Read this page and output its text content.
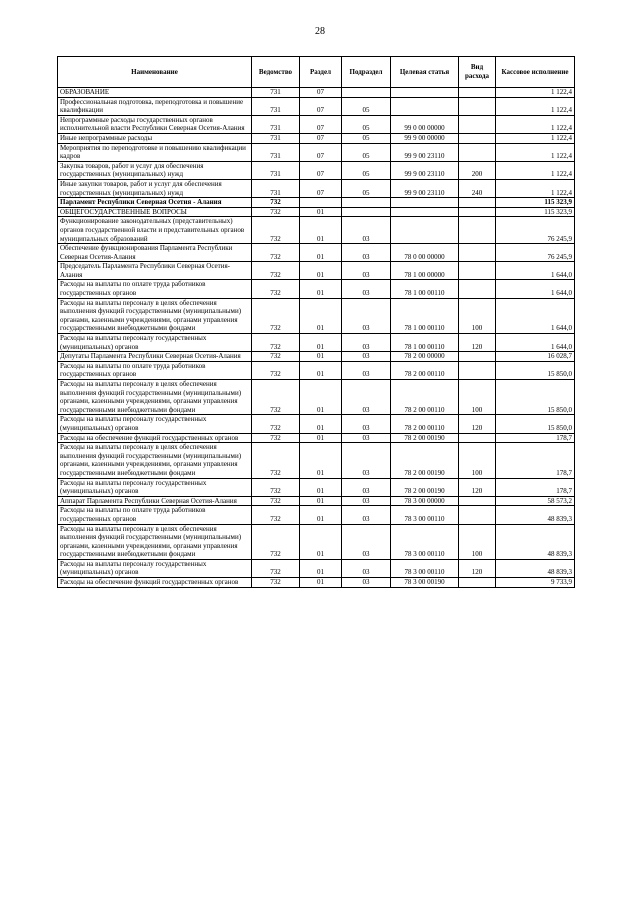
28
Наименование	Ведомство	Раздел	Подраздел	Целевая статья	Вид расхода	Кассовое исполнение
ОБРАЗОВАНИЕ	731	07				1 122,4
Профессиональная подготовка, переподготовка и повышение квалификации	731	07	05			1 122,4
Непрограммные расходы государственных органов исполнительной власти Республики Северная Осетия-Алания	731	07	05	99 0 00 00000		1 122,4
Иные непрограммные расходы	731	07	05	99 9 00 00000		1 122,4
Мероприятия по переподготовке и повышению квалификации кадров	731	07	05	99 9 00 23110		1 122,4
Закупка товаров, работ и услуг для обеспечения государственных (муниципальных) нужд	731	07	05	99 9 00 23110	200	1 122,4
Иные закупки товаров, работ и услуг для обеспечения государственных (муниципальных) нужд	731	07	05	99 9 00 23110	240	1 122,4
Парламент Республики Северная Осетия - Алания	732					115 323,9
ОБЩЕГОСУДАРСТВЕННЫЕ ВОПРОСЫ	732	01				115 323,9
Функционирование законодательных (представительных) органов государственной власти и представительных органов муниципальных образований	732	01	03			76 245,9
Обеспечение функционирования Парламента Республики Северная Осетия-Алания	732	01	03	78 0 00 00000		76 245,9
Председатель Парламента Республики Северная Осетия-Алания	732	01	03	78 1 00 00000		1 644,0
Расходы на выплаты по оплате труда работников государственных органов	732	01	03	78 1 00 00110		1 644,0
Расходы на выплаты персоналу в целях обеспечения выполнения функций государственными (муниципальными) органами, казенными учреждениями, органами управления государственными внебюджетными фондами	732	01	03	78 1 00 00110	100	1 644,0
Расходы на выплаты персоналу государственных (муниципальных) органов	732	01	03	78 1 00 00110	120	1 644,0
Депутаты Парламента Республики Северная Осетия-Алания	732	01	03	78 2 00 00000		16 028,7
Расходы на выплаты по оплате труда работников государственных органов	732	01	03	78 2 00 00110		15 850,0
Расходы на выплаты персоналу в целях обеспечения выполнения функций государственными (муниципальными) органами, казенными учреждениями, органами управления государственными внебюджетными фондами	732	01	03	78 2 00 00110	100	15 850,0
Расходы на выплаты персоналу государственных (муниципальных) органов	732	01	03	78 2 00 00110	120	15 850,0
Расходы на обеспечение функций государственных органов	732	01	03	78 2 00 00190		178,7
Расходы на выплаты персоналу в целях обеспечения выполнения функций государственными (муниципальными) органами, казенными учреждениями, органами управления государственными внебюджетными фондами	732	01	03	78 2 00 00190	100	178,7
Расходы на выплаты персоналу государственных (муниципальных) органов	732	01	03	78 2 00 00190	120	178,7
Аппарат Парламента Республики Северная Осетия-Алания	732	01	03	78 3 00 00000		58 573,2
Расходы на выплаты по оплате труда работников государственных органов	732	01	03	78 3 00 00110		48 839,3
Расходы на выплаты персоналу в целях обеспечения выполнения функций государственными (муниципальными) органами, казенными учреждениями, органами управления государственными внебюджетными фондами	732	01	03	78 3 00 00110	100	48 839,3
Расходы на выплаты персоналу государственных (муниципальных) органов	732	01	03	78 3 00 00110	120	48 839,3
Расходы на обеспечение функций государственных органов	732	01	03	78 3 00 00190		9 733,9
